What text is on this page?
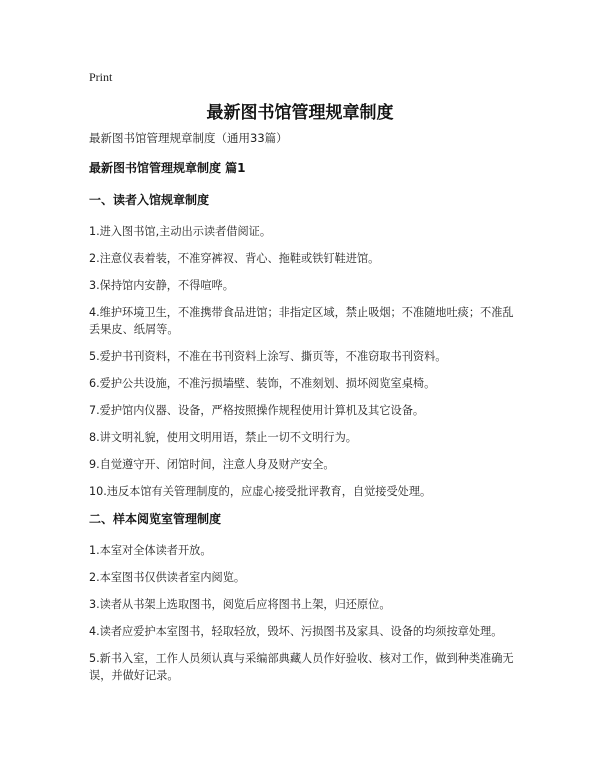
Print
最新图书馆管理规章制度
最新图书馆管理规章制度（通用33篇）
最新图书馆管理规章制度 篇1
一、读者入馆规章制度
1.进入图书馆,主动出示读者借阅证。
2.注意仪表着装，不准穿裤衩、背心、拖鞋或铁钉鞋进馆。
3.保持馆内安静，不得喧哗。
4.维护环境卫生，不准携带食品进馆；非指定区域，禁止吸烟；不准随地吐痰；不准乱丢果皮、纸屑等。
5.爱护书刊资料，不准在书刊资料上涂写、撕页等，不准窃取书刊资料。
6.爱护公共设施，不准污损墙壁、装饰，不准刻划、损坏阅览室桌椅。
7.爱护馆内仪器、设备，严格按照操作规程使用计算机及其它设备。
8.讲文明礼貌，使用文明用语，禁止一切不文明行为。
9.自觉遵守开、闭馆时间，注意人身及财产安全。
10.违反本馆有关管理制度的，应虚心接受批评教育，自觉接受处理。
二、样本阅览室管理制度
1.本室对全体读者开放。
2.本室图书仅供读者室内阅览。
3.读者从书架上选取图书，阅览后应将图书上架，归还原位。
4.读者应爱护本室图书，轻取轻放，毁坏、污损图书及家具、设备的均须按章处理。
5.新书入室，工作人员须认真与采编部典藏人员作好验收、核对工作，做到种类准确无误，并做好记录。
